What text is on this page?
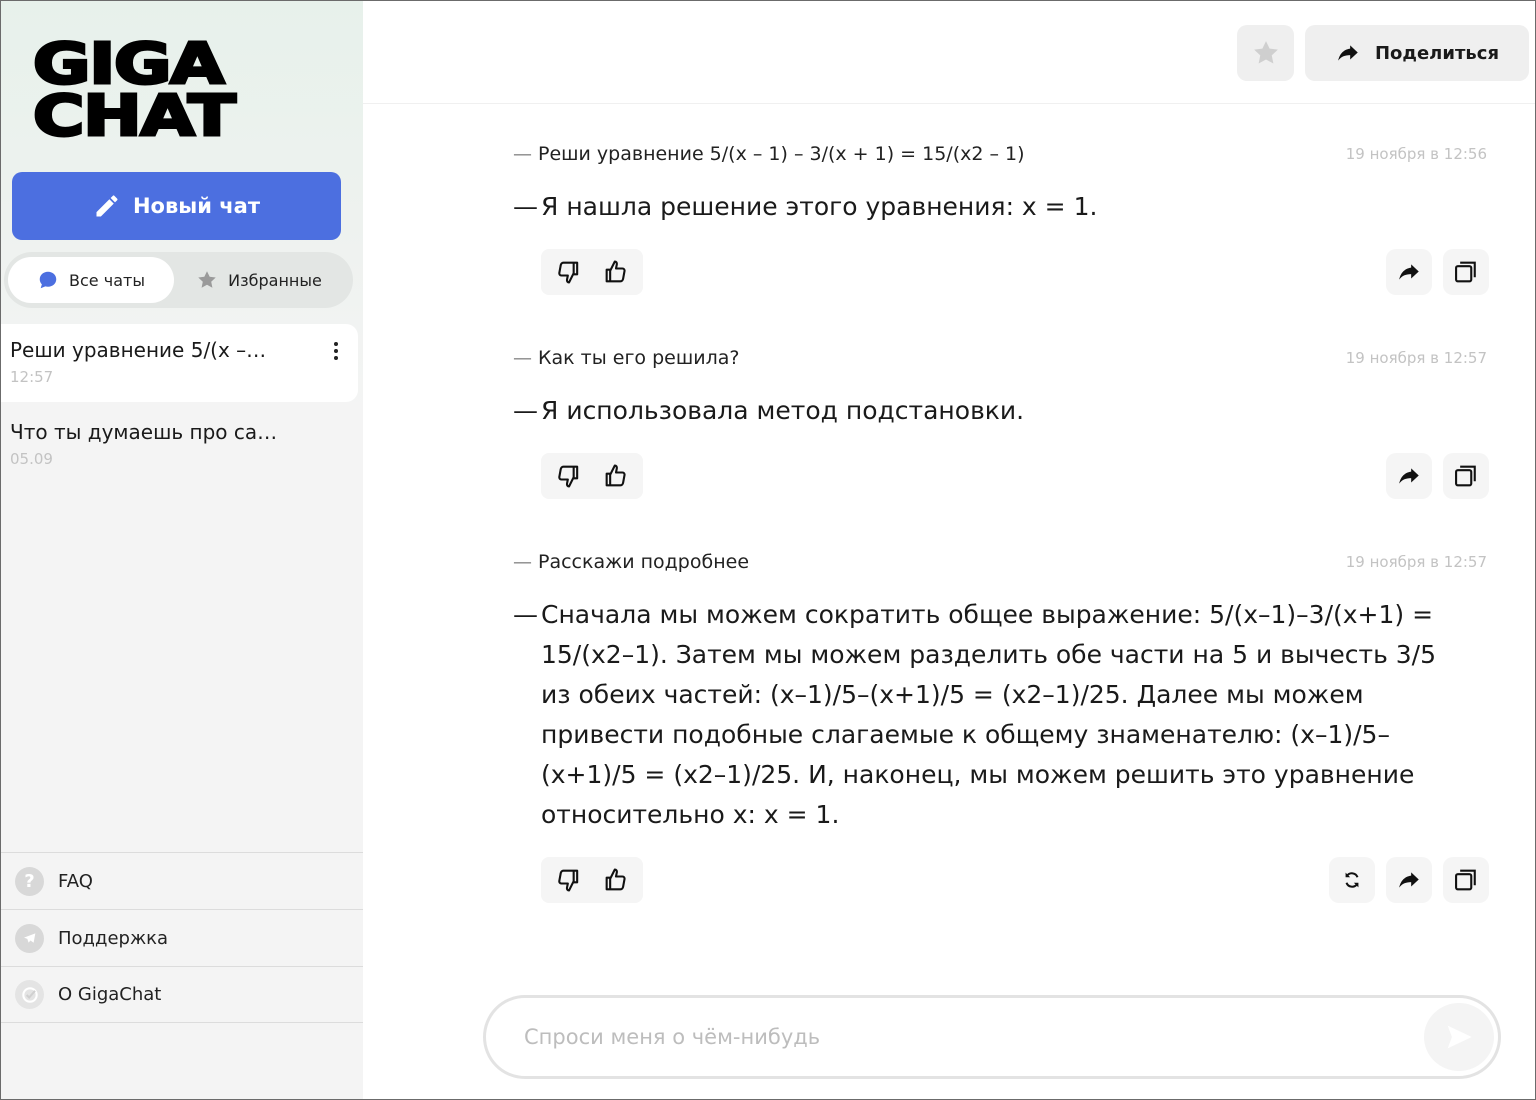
GIGA
CHAT
Новый чат
Все чаты	Избранные
Реши уравнение 5/(x –…
12:57
Что ты думаешь про са…
05.09
?	FAQ
Поддержка
О GigaChat
Поделиться
— Реши уравнение 5/(x – 1) – 3/(x + 1) = 15/(x2 – 1)	19 ноября в 12:56
— Я нашла решение этого уравнения: x = 1.
— Как ты его решила?	19 ноября в 12:57
— Я использовала метод подстановки.
— Расскажи подробнее	19 ноября в 12:57
— Сначала мы можем сократить общее выражение: 5/(x–1)–3/(x+1) = 15/(x2–1). Затем мы можем разделить обе части на 5 и вычесть 3/5 из обеих частей: (x–1)/5–(x+1)/5 = (x2–1)/25. Далее мы можем привести подобные слагаемые к общему знаменателю: (x–1)/5–(x+1)/5 = (x2–1)/25. И, наконец, мы можем решить это уравнение относительно x: x = 1.
Спроси меня о чём-нибудь
